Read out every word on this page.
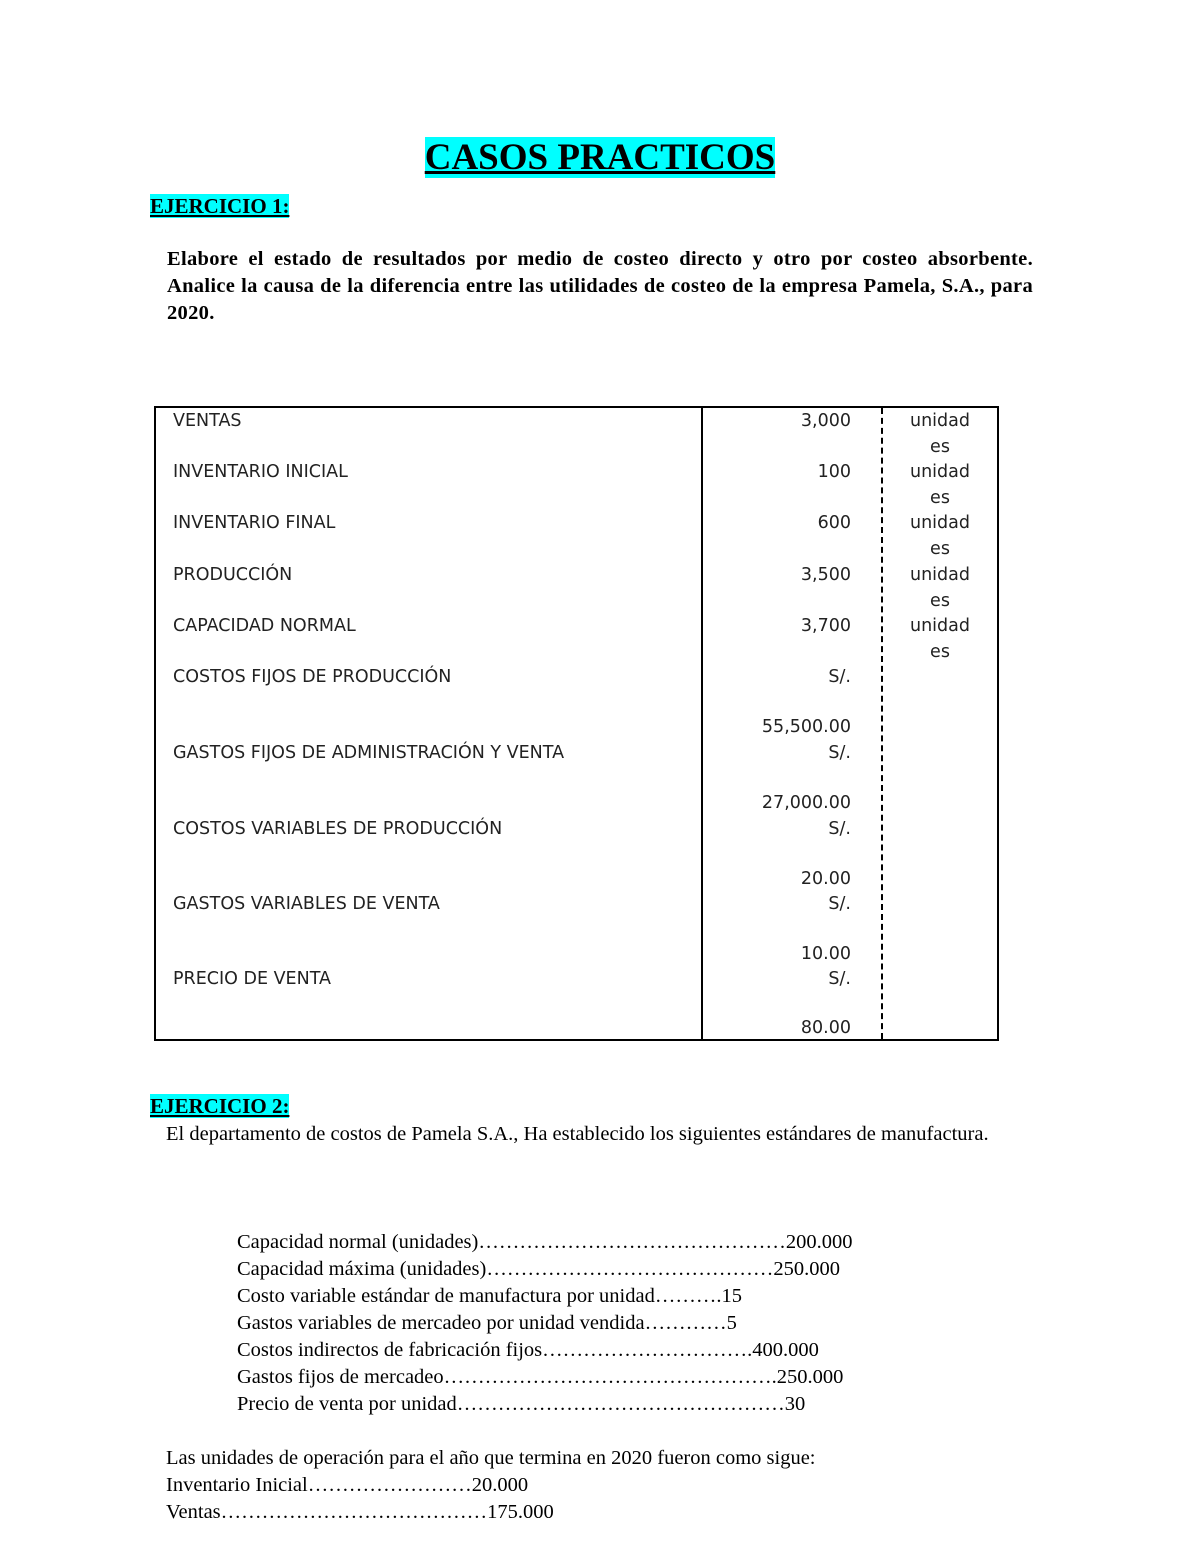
CASOS PRACTICOS
EJERCICIO 1:
Elabore el estado de resultados por medio de costeo directo y otro por costeo absorbente. Analice la causa de la diferencia entre las utilidades de costeo de la empresa Pamela, S.A., para 2020.
VENTAS
INVENTARIO INICIAL
INVENTARIO FINAL
PRODUCCIÓN
CAPACIDAD NORMAL
COSTOS FIJOS DE PRODUCCIÓN
GASTOS FIJOS DE ADMINISTRACIÓN Y VENTA
COSTOS VARIABLES DE PRODUCCIÓN
GASTOS VARIABLES DE VENTA
PRECIO DE VENTA
3,000
100
600
3,500
3,700
S/.
55,500.00
S/.
27,000.00
S/.
20.00
S/.
10.00
S/.
80.00
unidad
es
unidad
es
unidad
es
unidad
es
unidad
es
EJERCICIO 2:
El departamento de costos de Pamela S.A., Ha establecido los siguientes estándares de manufactura.
Capacidad normal (unidades)………………………………………200.000
Capacidad máxima (unidades)……………………………………250.000
Costo variable estándar de manufactura por unidad……….15
Gastos variables de mercadeo por unidad vendida…………5
Costos indirectos de fabricación fijos………………………….400.000
Gastos fijos de mercadeo………………………………………….250.000
Precio de venta por unidad…………………………………………30
Las unidades de operación para el año que termina en 2020 fueron como sigue:
Inventario Inicial……………………20.000
Ventas…………………………………175.000
